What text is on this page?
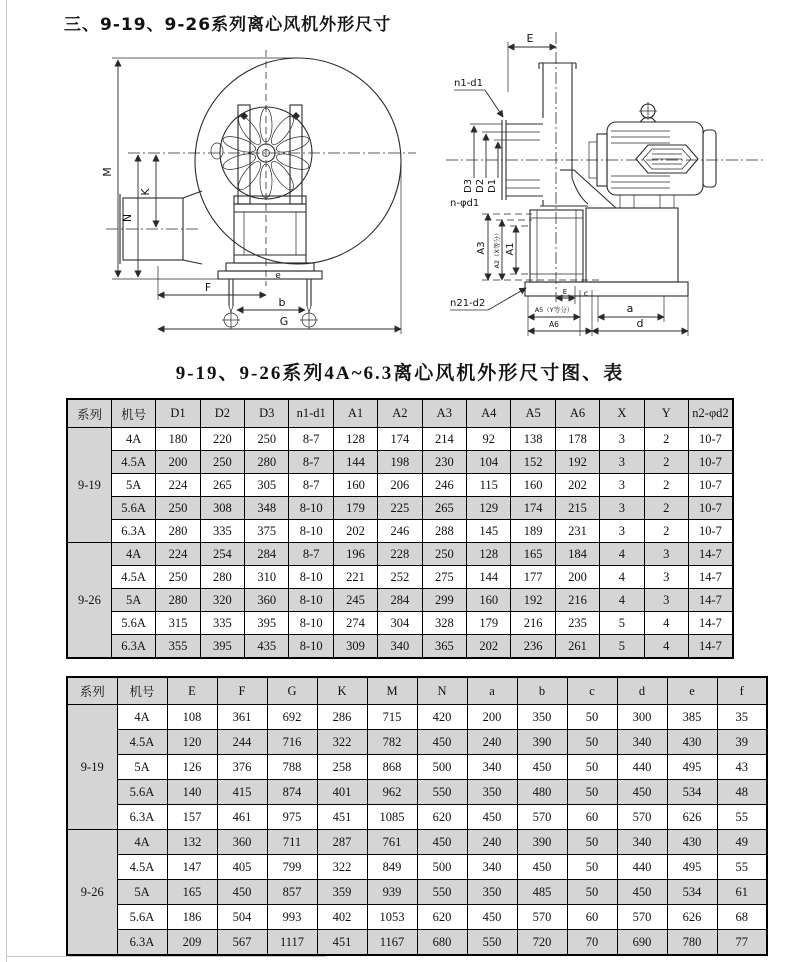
三、9-19、9-26系列离心风机外形尺寸
M
N
K
F
e
b
G
E
n1-d1
D3 D2 D1
n-φd1
A3 A2（X等分） A1
n21-d2
E c
A5（Y等分）
A6
a
d
9-19、9-26系列4A~6.3离心风机外形尺寸图、表
系列	机号	D1	D2	D3	n1-d1	A1	A2	A3	A4	A5	A6	X	Y	n2-φd2
9-19	4A	180	220	250	8-7	128	174	214	92	138	178	3	2	10-7
	4.5A	200	250	280	8-7	144	198	230	104	152	192	3	2	10-7
	5A	224	265	305	8-7	160	206	246	115	160	202	3	2	10-7
	5.6A	250	308	348	8-10	179	225	265	129	174	215	3	2	10-7
	6.3A	280	335	375	8-10	202	246	288	145	189	231	3	2	10-7
9-26	4A	224	254	284	8-7	196	228	250	128	165	184	4	3	14-7
	4.5A	250	280	310	8-10	221	252	275	144	177	200	4	3	14-7
	5A	280	320	360	8-10	245	284	299	160	192	216	4	3	14-7
	5.6A	315	335	395	8-10	274	304	328	179	216	235	5	4	14-7
	6.3A	355	395	435	8-10	309	340	365	202	236	261	5	4	14-7
系列	机号	E	F	G	K	M	N	a	b	c	d	e	f
9-19	4A	108	361	692	286	715	420	200	350	50	300	385	35
	4.5A	120	244	716	322	782	450	240	390	50	340	430	39
	5A	126	376	788	258	868	500	340	450	50	440	495	43
	5.6A	140	415	874	401	962	550	350	480	50	450	534	48
	6.3A	157	461	975	451	1085	620	450	570	60	570	626	55
9-26	4A	132	360	711	287	761	450	240	390	50	340	430	49
	4.5A	147	405	799	322	849	500	340	450	50	440	495	55
	5A	165	450	857	359	939	550	350	485	50	450	534	61
	5.6A	186	504	993	402	1053	620	450	570	60	570	626	68
	6.3A	209	567	1117	451	1167	680	550	720	70	690	780	77
